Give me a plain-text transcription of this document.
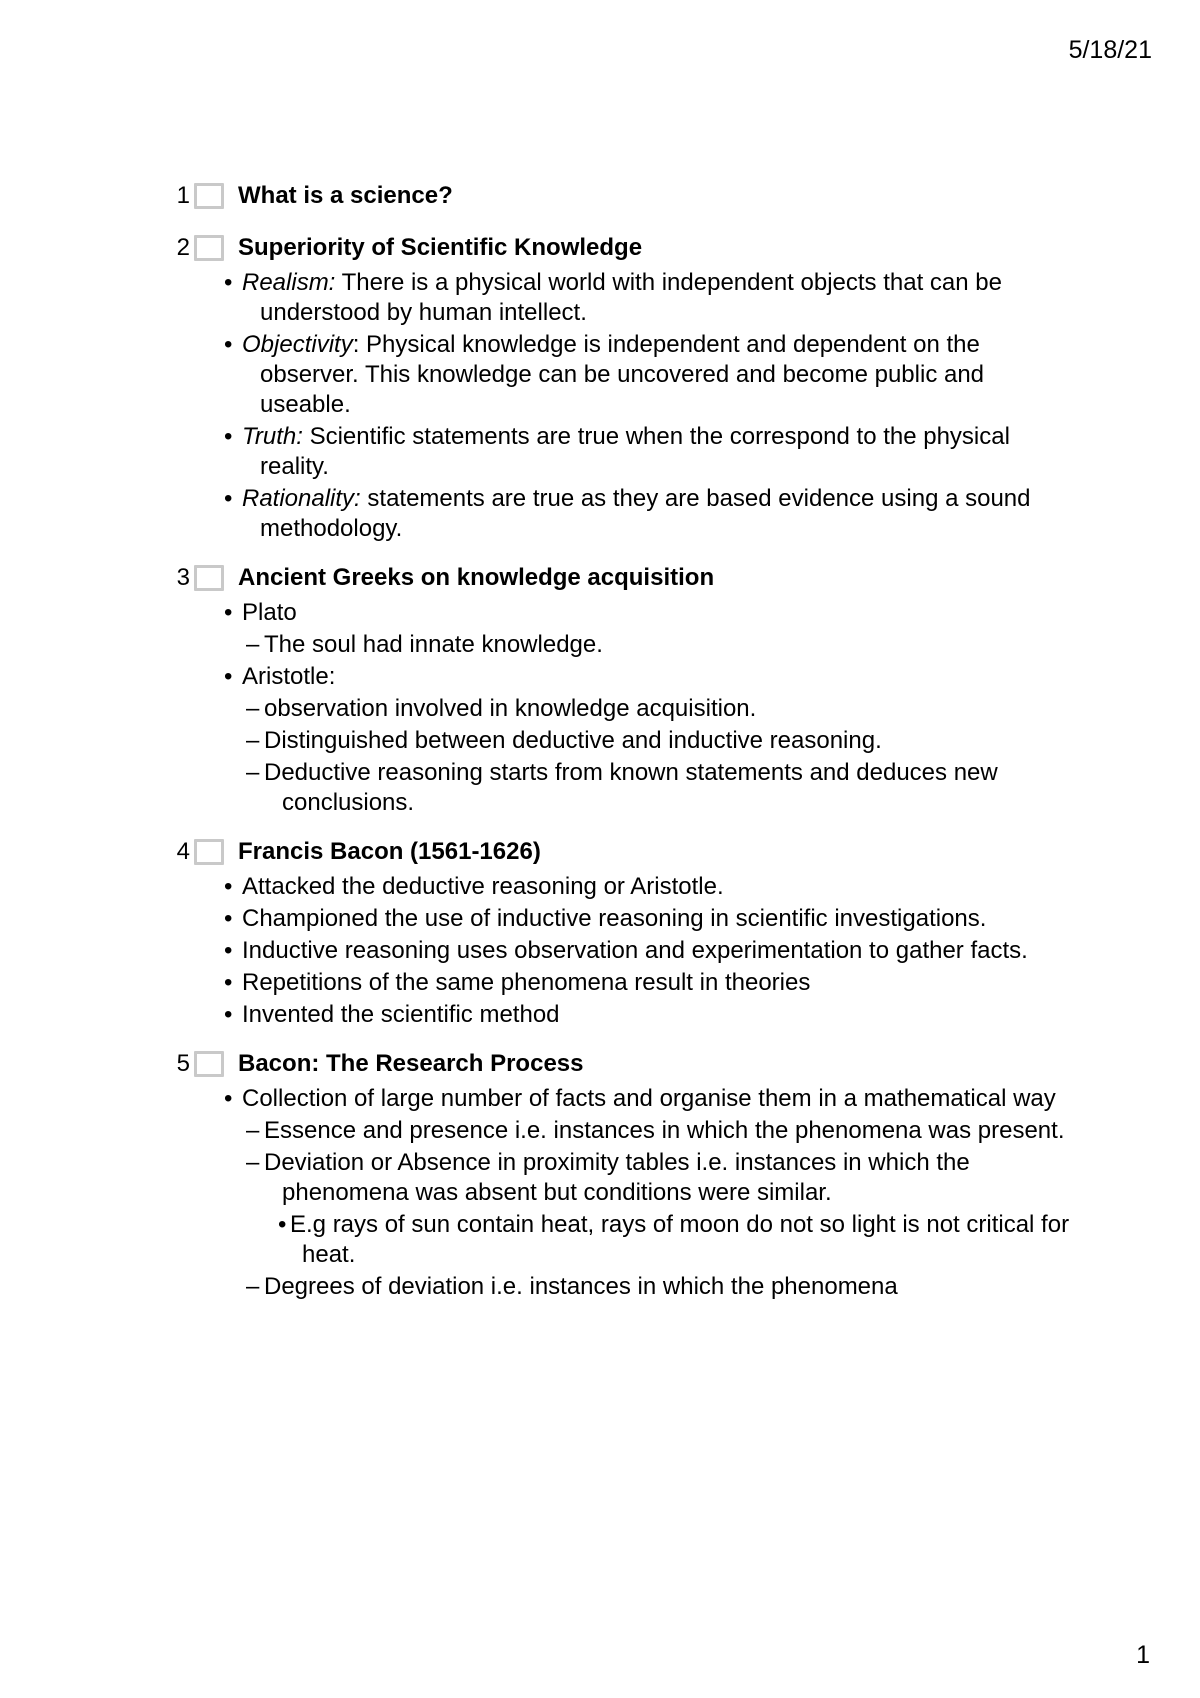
5/18/21
1 What is a science?
2 Superiority of Scientific Knowledge
•Realism: There is a physical world with independent objects that can be understood by human intellect.
•Objectivity: Physical knowledge is independent and dependent on the observer. This knowledge can be uncovered and become public and useable.
•Truth: Scientific statements are true when the correspond to the physical reality.
•Rationality: statements are true as they are based evidence using a sound methodology.
3 Ancient Greeks on knowledge acquisition
•Plato
– The soul had innate knowledge.
•Aristotle:
– observation involved in knowledge acquisition.
– Distinguished between deductive and inductive reasoning.
– Deductive reasoning starts from known statements and deduces new conclusions.
4 Francis Bacon (1561-1626)
•Attacked the deductive reasoning or Aristotle.
•Championed the use of inductive reasoning in scientific investigations.
•Inductive reasoning uses observation and experimentation to gather facts.
•Repetitions of the same phenomena result in theories
•Invented the scientific method
5 Bacon: The Research Process
•Collection of large number of facts and organise them in a mathematical way
– Essence and presence i.e. instances in which the phenomena was present.
– Deviation or Absence in proximity tables i.e. instances in which the phenomena was absent but conditions were similar.
•E.g rays of sun contain heat, rays of moon do not so light is not critical for heat.
– Degrees of deviation i.e. instances in which the phenomena
1
